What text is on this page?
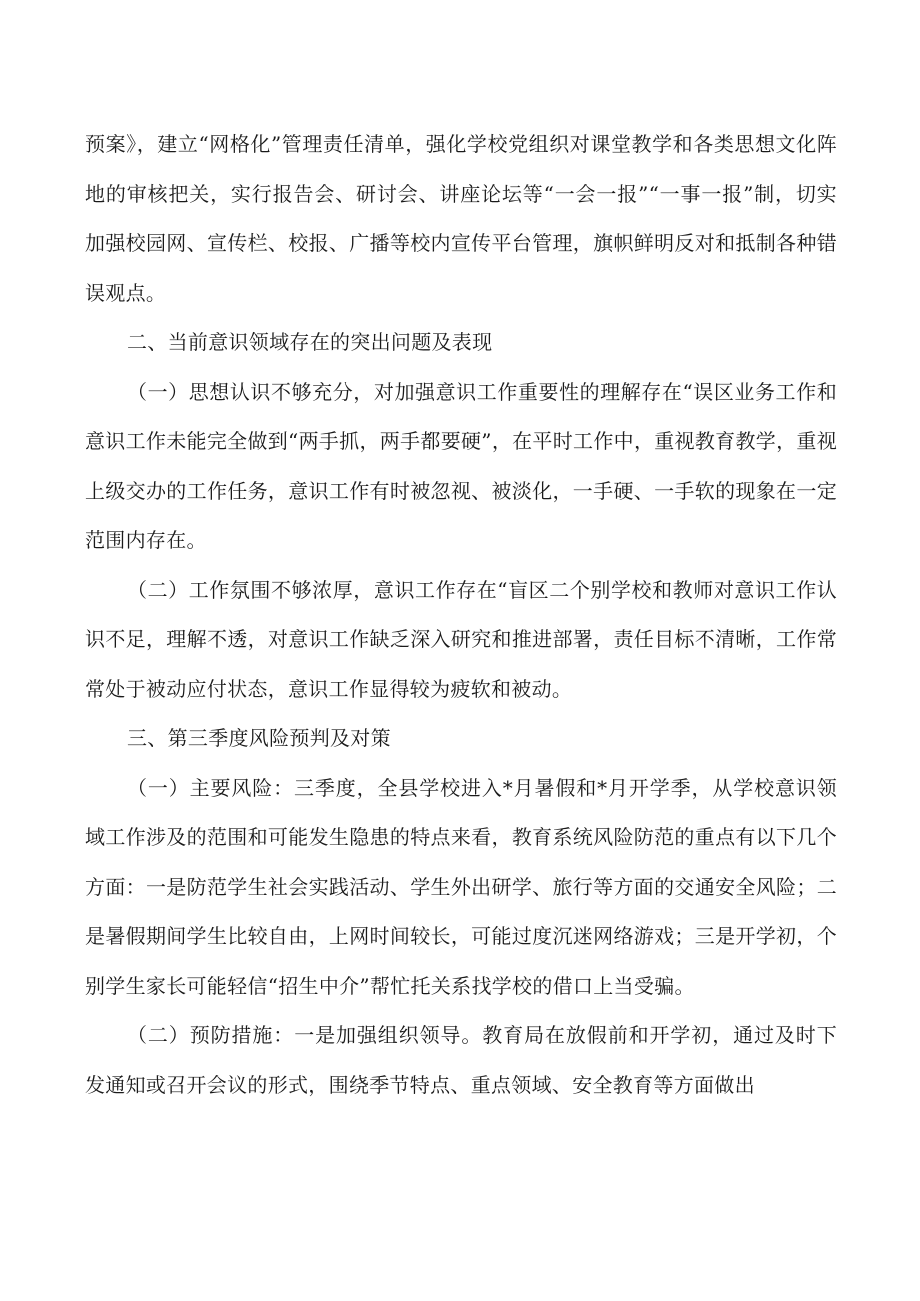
预案》，建立“网格化”管理责任清单，强化学校党组织对课堂教学和各类思想文化阵地的审核把关，实行报告会、研讨会、讲座论坛等“一会一报”“一事一报”制，切实加强校园网、宣传栏、校报、广播等校内宣传平台管理，旗帜鲜明反对和抵制各种错误观点。

二、当前意识领域存在的突出问题及表现

（一）思想认识不够充分，对加强意识工作重要性的理解存在“误区业务工作和意识工作未能完全做到“两手抓，两手都要硬”，在平时工作中，重视教育教学，重视上级交办的工作任务，意识工作有时被忽视、被淡化，一手硬、一手软的现象在一定范围内存在。

（二）工作氛围不够浓厚，意识工作存在“盲区二个别学校和教师对意识工作认识不足，理解不透，对意识工作缺乏深入研究和推进部署，责任目标不清晰，工作常常处于被动应付状态，意识工作显得较为疲软和被动。

三、第三季度风险预判及对策

（一）主要风险：三季度，全县学校进入*月暑假和*月开学季，从学校意识领域工作涉及的范围和可能发生隐患的特点来看，教育系统风险防范的重点有以下几个方面：一是防范学生社会实践活动、学生外出研学、旅行等方面的交通安全风险；二是暑假期间学生比较自由，上网时间较长，可能过度沉迷网络游戏；三是开学初，个别学生家长可能轻信“招生中介”帮忙托关系找学校的借口上当受骗。

（二）预防措施：一是加强组织领导。教育局在放假前和开学初，通过及时下发通知或召开会议的形式，围绕季节特点、重点领域、安全教育等方面做出
